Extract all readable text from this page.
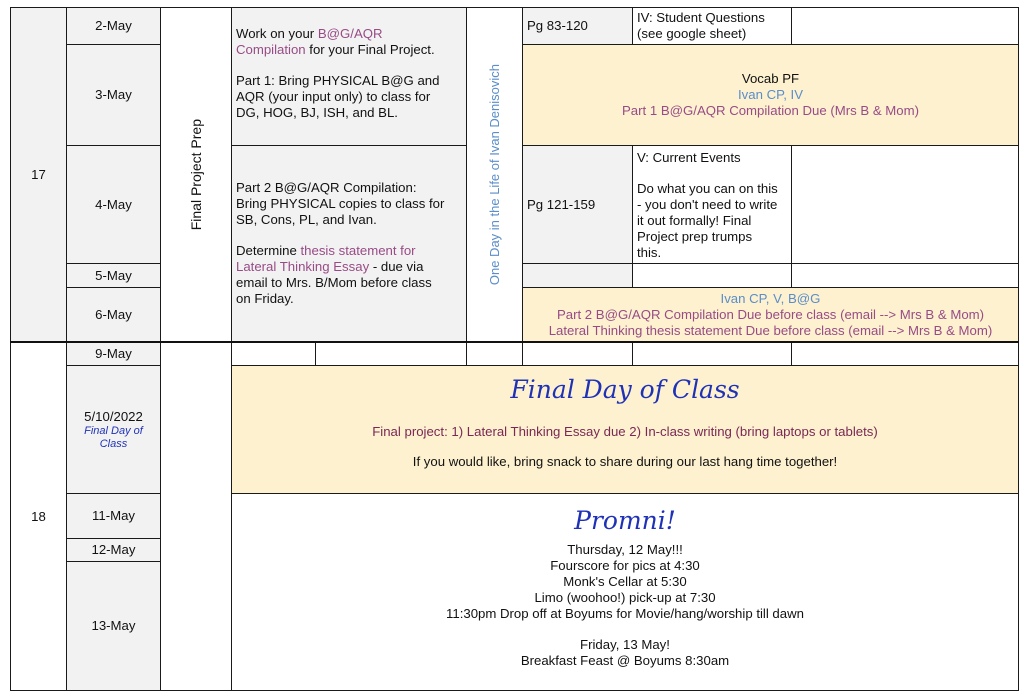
17
18
2-May
3-May
4-May
5-May
6-May
9-May
5/10/2022
Final Day of Class
11-May
12-May
13-May
Final Project Prep
Work on your B@G/AQR
Compilation for your Final Project.
Part 1: Bring PHYSICAL B@G and
AQR (your input only) to class for
DG, HOG, BJ, ISH, and BL.
Part 2 B@G/AQR Compilation:
Bring PHYSICAL copies to class for
SB, Cons, PL, and Ivan.
Determine thesis statement for
Lateral Thinking Essay - due via
email to Mrs. B/Mom before class
on Friday.
One Day in the Life of Ivan Denisovich
Pg 83-120
IV: Student Questions
(see google sheet)
Vocab PF
Ivan CP, IV
Part 1 B@G/AQR Compilation Due (Mrs B & Mom)
Pg 121-159
V: Current Events
Do what you can on this
- you don't need to write
it out formally! Final
Project prep trumps
this.
Ivan CP, V, B@G
Part 2 B@G/AQR Compilation Due before class (email --> Mrs B & Mom)
Lateral Thinking thesis statement Due before class (email --> Mrs B & Mom)
Final Day of Class
Final project: 1) Lateral Thinking Essay due 2) In-class writing (bring laptops or tablets)
If you would like, bring snack to share during our last hang time together!
Promni!
Thursday, 12 May!!!
Fourscore for pics at 4:30
Monk's Cellar at 5:30
Limo (woohoo!) pick-up at 7:30
11:30pm Drop off at Boyums for Movie/hang/worship till dawn
Friday, 13 May!
Breakfast Feast @ Boyums 8:30am
